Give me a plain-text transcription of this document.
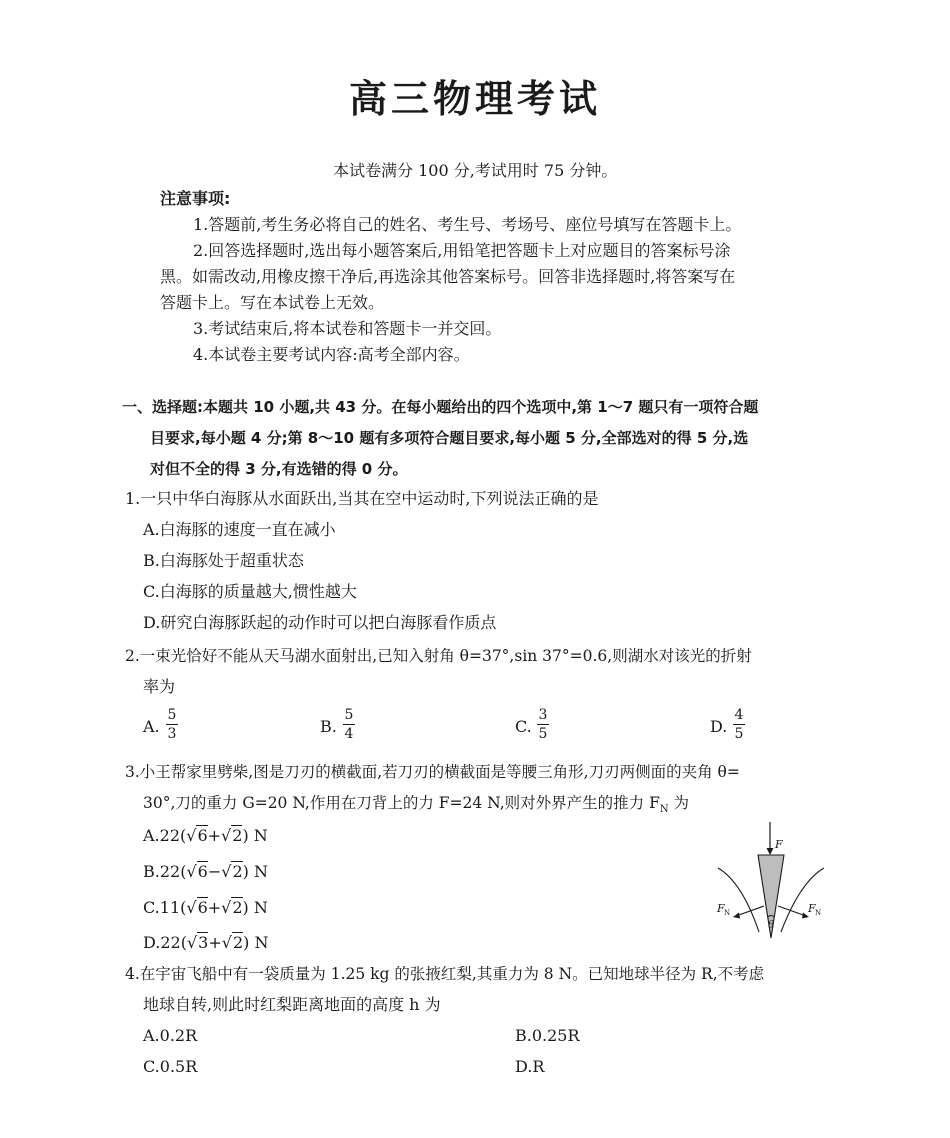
高三物理考试
本试卷满分 100 分,考试用时 75 分钟。
注意事项:
1.答题前,考生务必将自己的姓名、考生号、考场号、座位号填写在答题卡上。
2.回答选择题时,选出每小题答案后,用铅笔把答题卡上对应题目的答案标号涂
黑。如需改动,用橡皮擦干净后,再选涂其他答案标号。回答非选择题时,将答案写在
答题卡上。写在本试卷上无效。
3.考试结束后,将本试卷和答题卡一并交回。
4.本试卷主要考试内容:高考全部内容。
一、选择题:本题共 10 小题,共 43 分。在每小题给出的四个选项中,第 1～7 题只有一项符合题
目要求,每小题 4 分;第 8～10 题有多项符合题目要求,每小题 5 分,全部选对的得 5 分,选
对但不全的得 3 分,有选错的得 0 分。
1.一只中华白海豚从水面跃出,当其在空中运动时,下列说法正确的是
A.白海豚的速度一直在减小
B.白海豚处于超重状态
C.白海豚的质量越大,惯性越大
D.研究白海豚跃起的动作时可以把白海豚看作质点
2.一束光恰好不能从天马湖水面射出,已知入射角 θ=37°,sin 37°=0.6,则湖水对该光的折射
率为
A.
5
3	B.
5
4	C.
3
5	D.
4
5
3.小王帮家里劈柴,图是刀刃的横截面,若刀刃的横截面是等腰三角形,刀刃两侧面的夹角 θ=
30°,刀的重力 G=20 N,作用在刀背上的力 F=24 N,则对外界产生的推力 $F_N$ 为
A.22(√6+√2) N
B.22(√6−√2) N
C.11(√6+√2) N
D.22(√3+√2) N
F
θ
F N	F N
4.在宇宙飞船中有一袋质量为 1.25 kg 的张掖红梨,其重力为 8 N。已知地球半径为 R,不考虑
地球自转,则此时红梨距离地面的高度 h 为
A.0.2R	B.0.25R
C.0.5R	D.R
